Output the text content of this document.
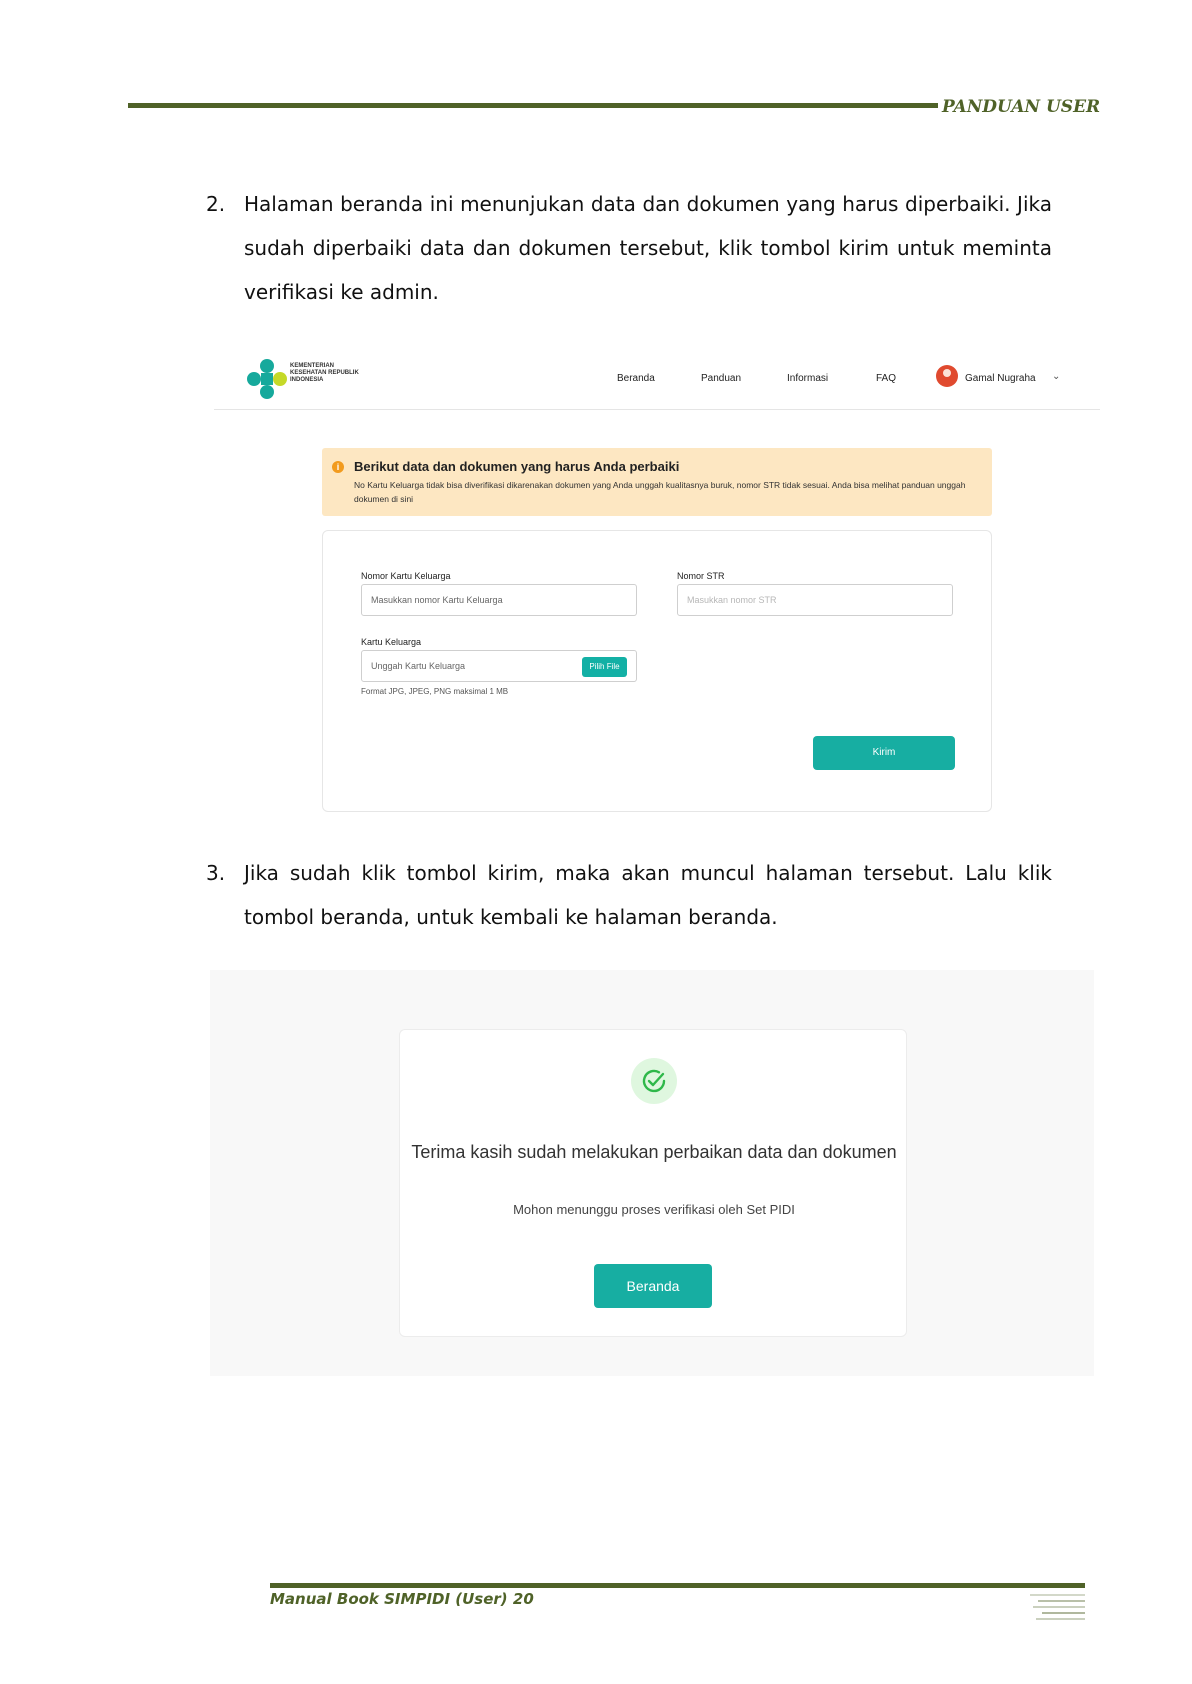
PANDUAN USER
2. Halaman beranda ini menunjukan data dan dokumen yang harus diperbaiki. Jika sudah diperbaiki data dan dokumen tersebut, klik tombol kirim untuk meminta verifikasi ke admin.

KEMENTERIAN KESEHATAN REPUBLIK INDONESIA	Beranda	Panduan	Informasi	FAQ	Gamal Nugraha ⌄
i	Berikut data dan dokumen yang harus Anda perbaiki
No Kartu Keluarga tidak bisa diverifikasi dikarenakan dokumen yang Anda unggah kualitasnya buruk, nomor STR tidak sesuai. Anda bisa melihat panduan unggah dokumen di sini
Nomor Kartu Keluarga
Masukkan nomor Kartu Keluarga
Nomor STR
Masukkan nomor STR
Kartu Keluarga
Unggah Kartu Keluarga	Pilih File
Format JPG, JPEG, PNG maksimal 1 MB
Kirim
3. Jika sudah klik tombol kirim, maka akan muncul halaman tersebut. Lalu klik tombol beranda, untuk kembali ke halaman beranda.

Terima kasih sudah melakukan perbaikan data dan dokumen
Mohon menunggu proses verifikasi oleh Set PIDI
Beranda
Manual Book SIMPIDI (User) 20
